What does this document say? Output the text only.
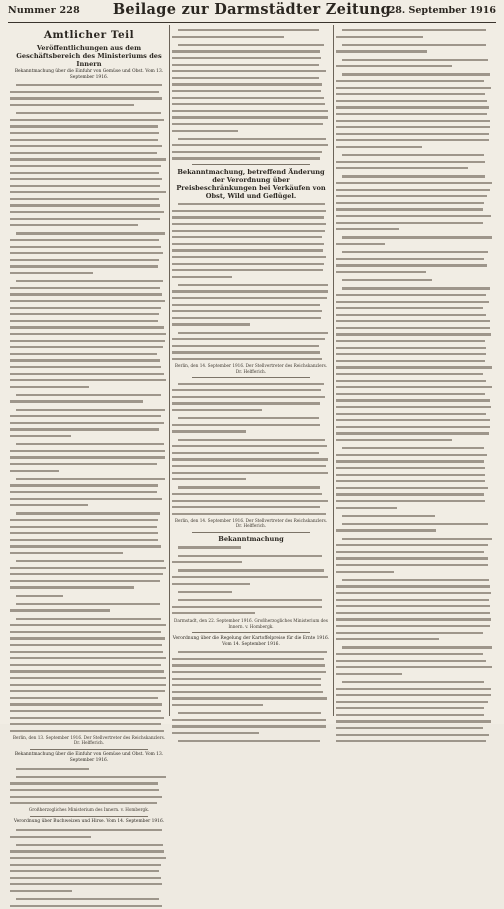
Nummer 228	Beilage zur Darmstädter Zeitung
28. September 1916
Amtlicher Teil
Veröffentlichungen aus dem Geschäftsbereich des Ministeriums des Innern
Bekanntmachung über die Einfuhr von Gemüse und Obst. Vom 13. September 1916.
Berlin, den 13. September 1916. Der Stellvertreter des Reichskanzlers. Dr. Helfferich.
Bekanntmachung über die Einfuhr von Gemüse und Obst. Vom 13. September 1916.
Großherzogliches Ministerium des Innern. v. Hombergk.
Verordnung über Buchweizen und Hirse. Vom 14. September 1916.
Bekanntmachung, betreffend Änderung der Verordnung über Preisbeschränkungen bei Verkäufen von Obst, Wild und Geflügel.
Berlin, den 14. September 1916. Der Stellvertreter des Reichskanzlers. Dr. Helfferich.
Berlin, den 14. September 1916. Der Stellvertreter des Reichskanzlers. Dr. Helfferich.
Bekanntmachung
Darmstadt, den 22. September 1916. Großherzogliches Ministerium des Innern. v. Hombergk.
Verordnung über die Regelung der Kartoffelpreise für die Ernte 1916. Vom 14. September 1916.
